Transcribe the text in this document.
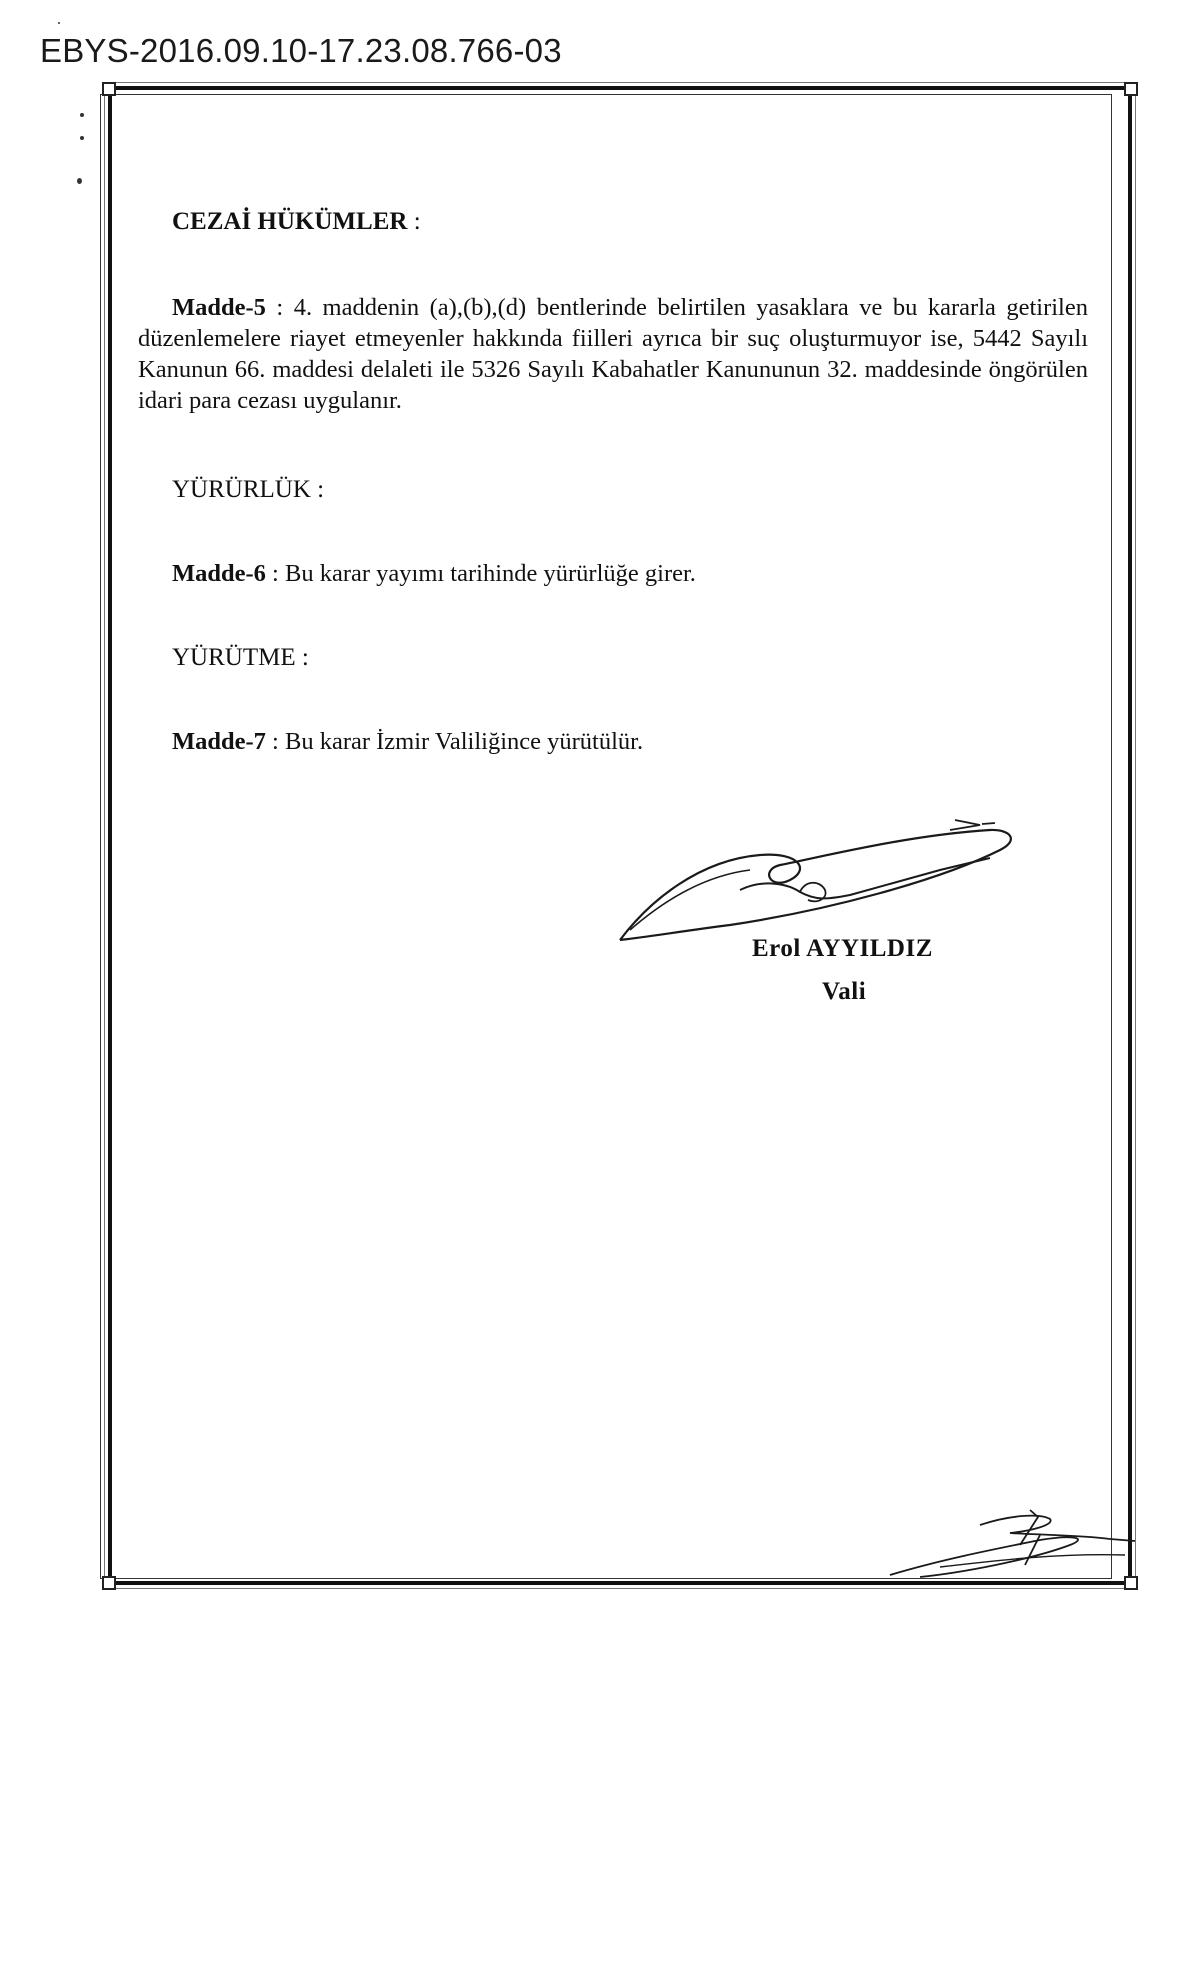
EBYS-2016.09.10-17.23.08.766-03
CEZAİ HÜKÜMLER :
Madde-5 : 4. maddenin (a),(b),(d) bentlerinde belirtilen yasaklara ve bu kararla getirilen düzenlemelere riayet etmeyenler hakkında fiilleri ayrıca bir suç oluşturmuyor ise, 5442 Sayılı Kanunun 66. maddesi delaleti ile 5326 Sayılı Kabahatler Kanununun 32. maddesinde öngörülen idari para cezası uygulanır.
YÜRÜRLÜK :
Madde-6 : Bu karar yayımı tarihinde yürürlüğe girer.
YÜRÜTME :
Madde-7 : Bu karar İzmir Valiliğince yürütülür.
Erol AYYILDIZ
Vali
